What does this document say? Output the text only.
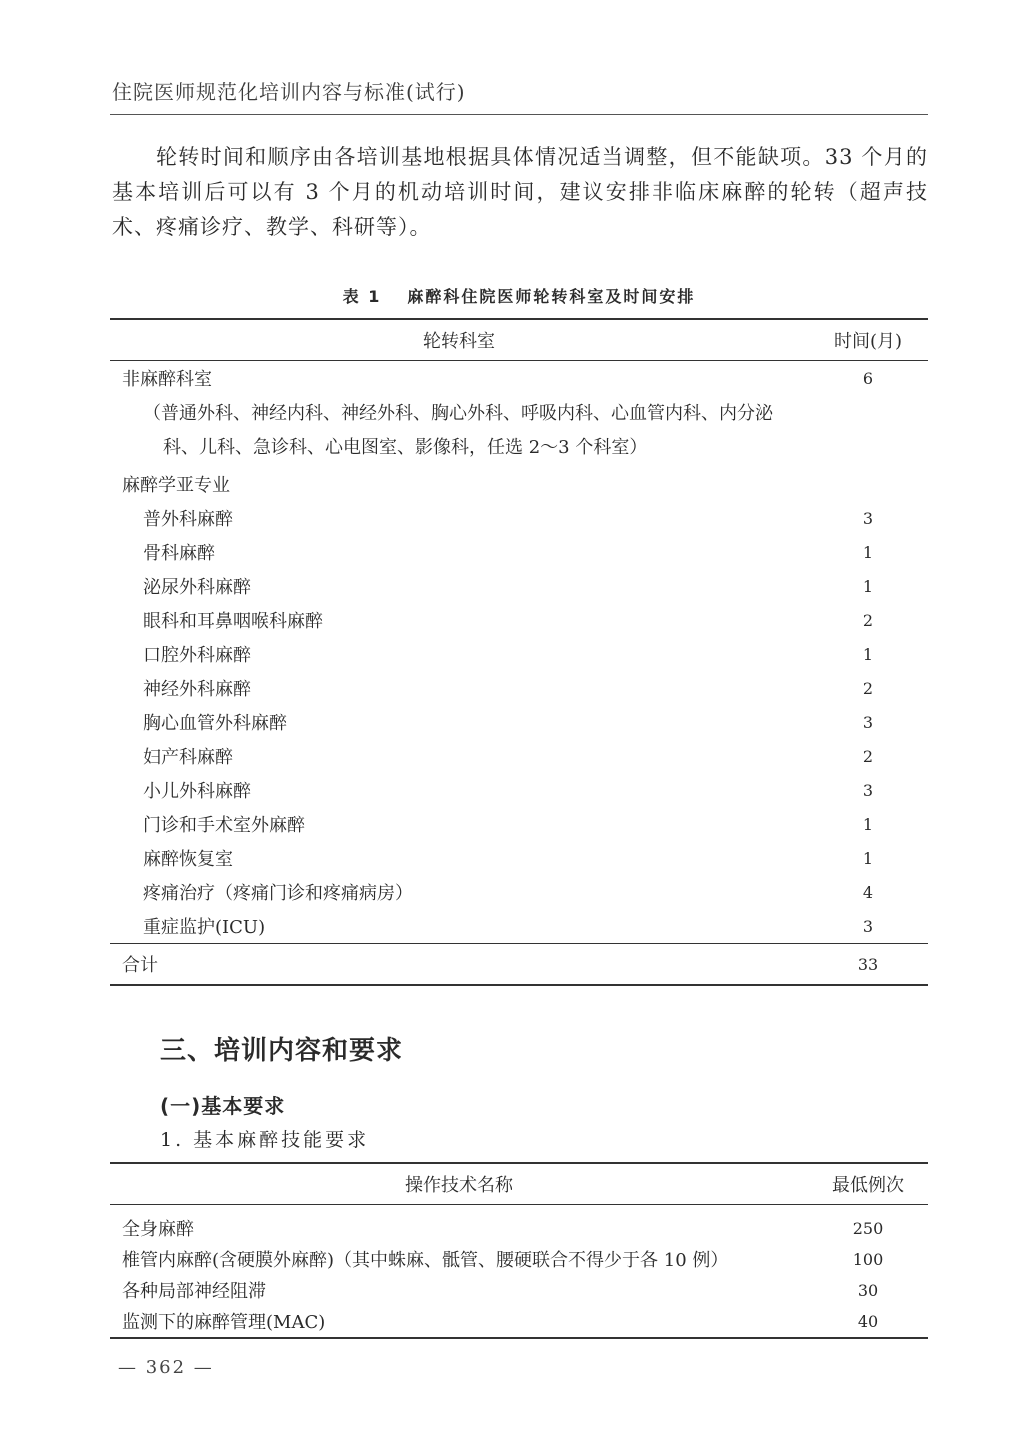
住院医师规范化培训内容与标准(试行)

轮转时间和顺序由各培训基地根据具体情况适当调整，但不能缺项。33 个月的基本培训后可以有 3 个月的机动培训时间，建议安排非临床麻醉的轮转（超声技术、疼痛诊疗、教学、科研等）。

表 1 麻醉科住院医师轮转科室及时间安排
轮转科室	时间(月)
非麻醉科室	6
（普通外科、神经内科、神经外科、胸心外科、呼吸内科、心血管内科、内分泌
科、儿科、急诊科、心电图室、影像科，任选 2～3 个科室）	

麻醉学亚专业	
普外科麻醉	3
骨科麻醉	1
泌尿外科麻醉	1
眼科和耳鼻咽喉科麻醉	2
口腔外科麻醉	1
神经外科麻醉	2
胸心血管外科麻醉	3
妇产科麻醉	2
小儿外科麻醉	3
门诊和手术室外麻醉	1
麻醉恢复室	1
疼痛治疗（疼痛门诊和疼痛病房）	4
重症监护(ICU)	3
合计	33
三、培训内容和要求
(一)基本要求
1. 基本麻醉技能要求
操作技术名称	最低例次

全身麻醉	250
椎管内麻醉(含硬膜外麻醉)（其中蛛麻、骶管、腰硬联合不得少于各 10 例）	100
各种局部神经阻滞	30
监测下的麻醉管理(MAC)	40
— 362 —
